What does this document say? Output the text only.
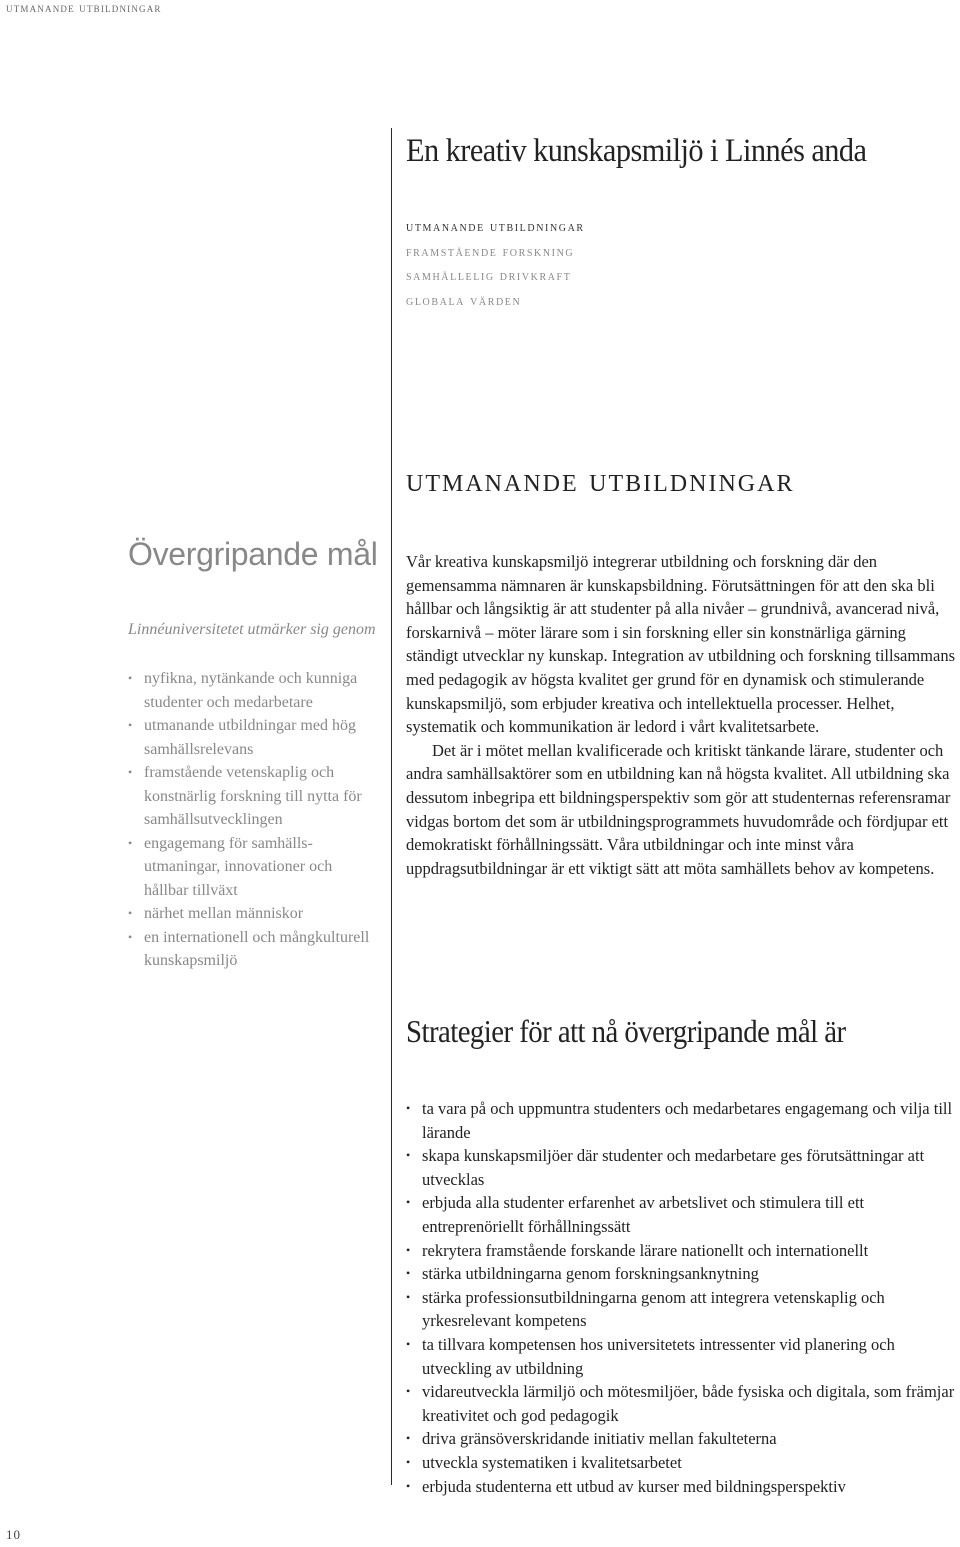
utmanande utbildningar
En kreativ kunskapsmiljö i Linnés anda
utmanande utbildningar
framstående forskning
samhällelig drivkraft
globala värden
utmanande utbildningar
Övergripande mål

Linnéuniversitetet utmärker sig genom

• nyfikna, nytänkande och kunniga studenter och medarbetare
• utmanande utbildningar med hög samhällsrelevans
• framstående vetenskaplig och konstnärlig forskning till nytta för samhällsutvecklingen
• engagemang för samhälls-utmaningar, innovationer och hållbar tillväxt
• närhet mellan människor
• en internationell och mångkulturell kunskapsmiljö

Vår kreativa kunskapsmiljö integrerar utbildning och forskning där den gemensamma nämnaren är kunskapsbildning. Förutsättningen för att den ska bli hållbar och långsiktig är att studenter på alla nivåer – grundnivå, avancerad nivå, forskarnivå – möter lärare som i sin forskning eller sin konstnärliga gärning ständigt utvecklar ny kunskap. Integration av utbildning och forskning tillsammans med pedagogik av högsta kvalitet ger grund för en dynamisk och stimulerande kunskapsmiljö, som erbjuder kreativa och intellektuella processer. Helhet, systematik och kommunikation är ledord i vårt kvalitetsarbete.

Det är i mötet mellan kvalificerade och kritiskt tänkande lärare, studenter och andra samhällsaktörer som en utbildning kan nå högsta kvalitet. All utbildning ska dessutom inbegripa ett bildningsperspektiv som gör att studenternas referensramar vidgas bortom det som är utbildningsprogrammets huvudområde och fördjupar ett demokratiskt förhållningssätt. Våra utbildningar och inte minst våra uppdragsutbildningar är ett viktigt sätt att möta samhällets behov av kompetens.

Strategier för att nå övergripande mål är
• ta vara på och uppmuntra studenters och medarbetares engagemang och vilja till lärande
• skapa kunskapsmiljöer där studenter och medarbetare ges förutsättningar att utvecklas
• erbjuda alla studenter erfarenhet av arbetslivet och stimulera till ett entreprenöriellt förhållningssätt
• rekrytera framstående forskande lärare nationellt och internationellt
• stärka utbildningarna genom forskningsanknytning
• stärka professionsutbildningarna genom att integrera vetenskaplig och yrkesrelevant kompetens
• ta tillvara kompetensen hos universitetets intressenter vid planering och utveckling av utbildning
• vidareutveckla lärmiljö och mötesmiljöer, både fysiska och digitala, som främjar kreativitet och god pedagogik
• driva gränsöverskridande initiativ mellan fakulteterna
• utveckla systematiken i kvalitetsarbetet
• erbjuda studenterna ett utbud av kurser med bildningsperspektiv
10
